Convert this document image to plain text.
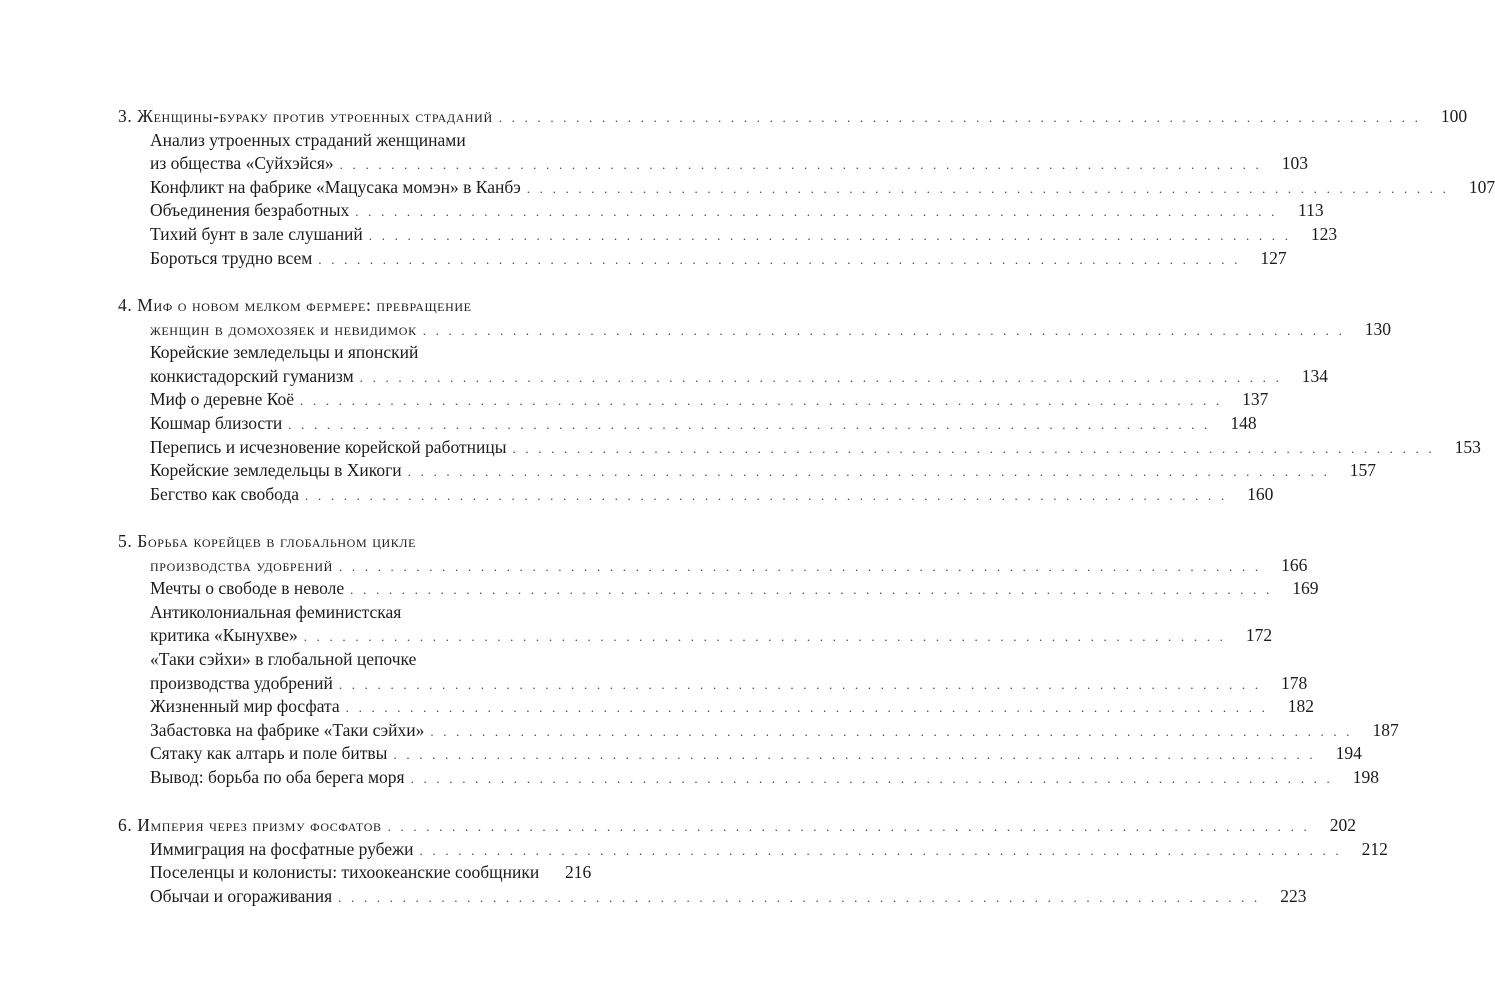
3. Женщины-бураку против утроенных страданий . . . . . . . . . . . . . . . . . . . . . . . . . . . . . . . . . . . . . . . . . . . . . . . . . . . . . . . . . . . . . . . . . . . . . . . .	100
Анализ утроенных страданий женщинами
из общества «Суйхэйся» . . . . . . . . . . . . . . . . . . . . . . . . . . . . . . . . . . . . . . . . . . . . . . . . . . . . . . . . . . . . . . . . . . . . . . . .	103
Конфликт на фабрике «Мацусака момэн» в Канбэ . . . . . . . . . . . . . . . . . . . . . . . . . . . . . . . . . . . . . . . . . . . . . . . . . . . . . . . . . . . . . . . . . . . . . . . .	107
Объединения безработных . . . . . . . . . . . . . . . . . . . . . . . . . . . . . . . . . . . . . . . . . . . . . . . . . . . . . . . . . . . . . . . . . . . . . . . .	113
Тихий бунт в зале слушаний . . . . . . . . . . . . . . . . . . . . . . . . . . . . . . . . . . . . . . . . . . . . . . . . . . . . . . . . . . . . . . . . . . . . . . . .	123
Бороться трудно всем . . . . . . . . . . . . . . . . . . . . . . . . . . . . . . . . . . . . . . . . . . . . . . . . . . . . . . . . . . . . . . . . . . . . . . . .	127
4. Миф о новом мелком фермере: превращение
женщин в домохозяек и невидимок . . . . . . . . . . . . . . . . . . . . . . . . . . . . . . . . . . . . . . . . . . . . . . . . . . . . . . . . . . . . . . . . . . . . . . . .	130
Корейские земледельцы и японский
конкистадорский гуманизм . . . . . . . . . . . . . . . . . . . . . . . . . . . . . . . . . . . . . . . . . . . . . . . . . . . . . . . . . . . . . . . . . . . . . . . .	134
Миф о деревне Коё . . . . . . . . . . . . . . . . . . . . . . . . . . . . . . . . . . . . . . . . . . . . . . . . . . . . . . . . . . . . . . . . . . . . . . . .	137
Кошмар близости . . . . . . . . . . . . . . . . . . . . . . . . . . . . . . . . . . . . . . . . . . . . . . . . . . . . . . . . . . . . . . . . . . . . . . . .	148
Перепись и исчезновение корейской работницы . . . . . . . . . . . . . . . . . . . . . . . . . . . . . . . . . . . . . . . . . . . . . . . . . . . . . . . . . . . . . . . . . . . . . . . .	153
Корейские земледельцы в Хикоги . . . . . . . . . . . . . . . . . . . . . . . . . . . . . . . . . . . . . . . . . . . . . . . . . . . . . . . . . . . . . . . . . . . . . . . .	157
Бегство как свобода . . . . . . . . . . . . . . . . . . . . . . . . . . . . . . . . . . . . . . . . . . . . . . . . . . . . . . . . . . . . . . . . . . . . . . . .	160
5. Борьба корейцев в глобальном цикле
производства удобрений . . . . . . . . . . . . . . . . . . . . . . . . . . . . . . . . . . . . . . . . . . . . . . . . . . . . . . . . . . . . . . . . . . . . . . . .	166
Мечты о свободе в неволе . . . . . . . . . . . . . . . . . . . . . . . . . . . . . . . . . . . . . . . . . . . . . . . . . . . . . . . . . . . . . . . . . . . . . . . .	169
Антиколониальная феминистская
критика «Кынухве» . . . . . . . . . . . . . . . . . . . . . . . . . . . . . . . . . . . . . . . . . . . . . . . . . . . . . . . . . . . . . . . . . . . . . . . .	172
«Таки сэйхи» в глобальной цепочке
производства удобрений . . . . . . . . . . . . . . . . . . . . . . . . . . . . . . . . . . . . . . . . . . . . . . . . . . . . . . . . . . . . . . . . . . . . . . . .	178
Жизненный мир фосфата . . . . . . . . . . . . . . . . . . . . . . . . . . . . . . . . . . . . . . . . . . . . . . . . . . . . . . . . . . . . . . . . . . . . . . . .	182
Забастовка на фабрике «Таки сэйхи» . . . . . . . . . . . . . . . . . . . . . . . . . . . . . . . . . . . . . . . . . . . . . . . . . . . . . . . . . . . . . . . . . . . . . . . .	187
Сятаку как алтарь и поле битвы . . . . . . . . . . . . . . . . . . . . . . . . . . . . . . . . . . . . . . . . . . . . . . . . . . . . . . . . . . . . . . . . . . . . . . . .	194
Вывод: борьба по оба берега моря . . . . . . . . . . . . . . . . . . . . . . . . . . . . . . . . . . . . . . . . . . . . . . . . . . . . . . . . . . . . . . . . . . . . . . . .	198
6. Империя через призму фосфатов . . . . . . . . . . . . . . . . . . . . . . . . . . . . . . . . . . . . . . . . . . . . . . . . . . . . . . . . . . . . . . . . . . . . . . . .	202
Иммиграция на фосфатные рубежи . . . . . . . . . . . . . . . . . . . . . . . . . . . . . . . . . . . . . . . . . . . . . . . . . . . . . . . . . . . . . . . . . . . . . . . .	212
Поселенцы и колонисты: тихоокеанские сообщники	216
Обычаи и огораживания . . . . . . . . . . . . . . . . . . . . . . . . . . . . . . . . . . . . . . . . . . . . . . . . . . . . . . . . . . . . . . . . . . . . . . . .	223
